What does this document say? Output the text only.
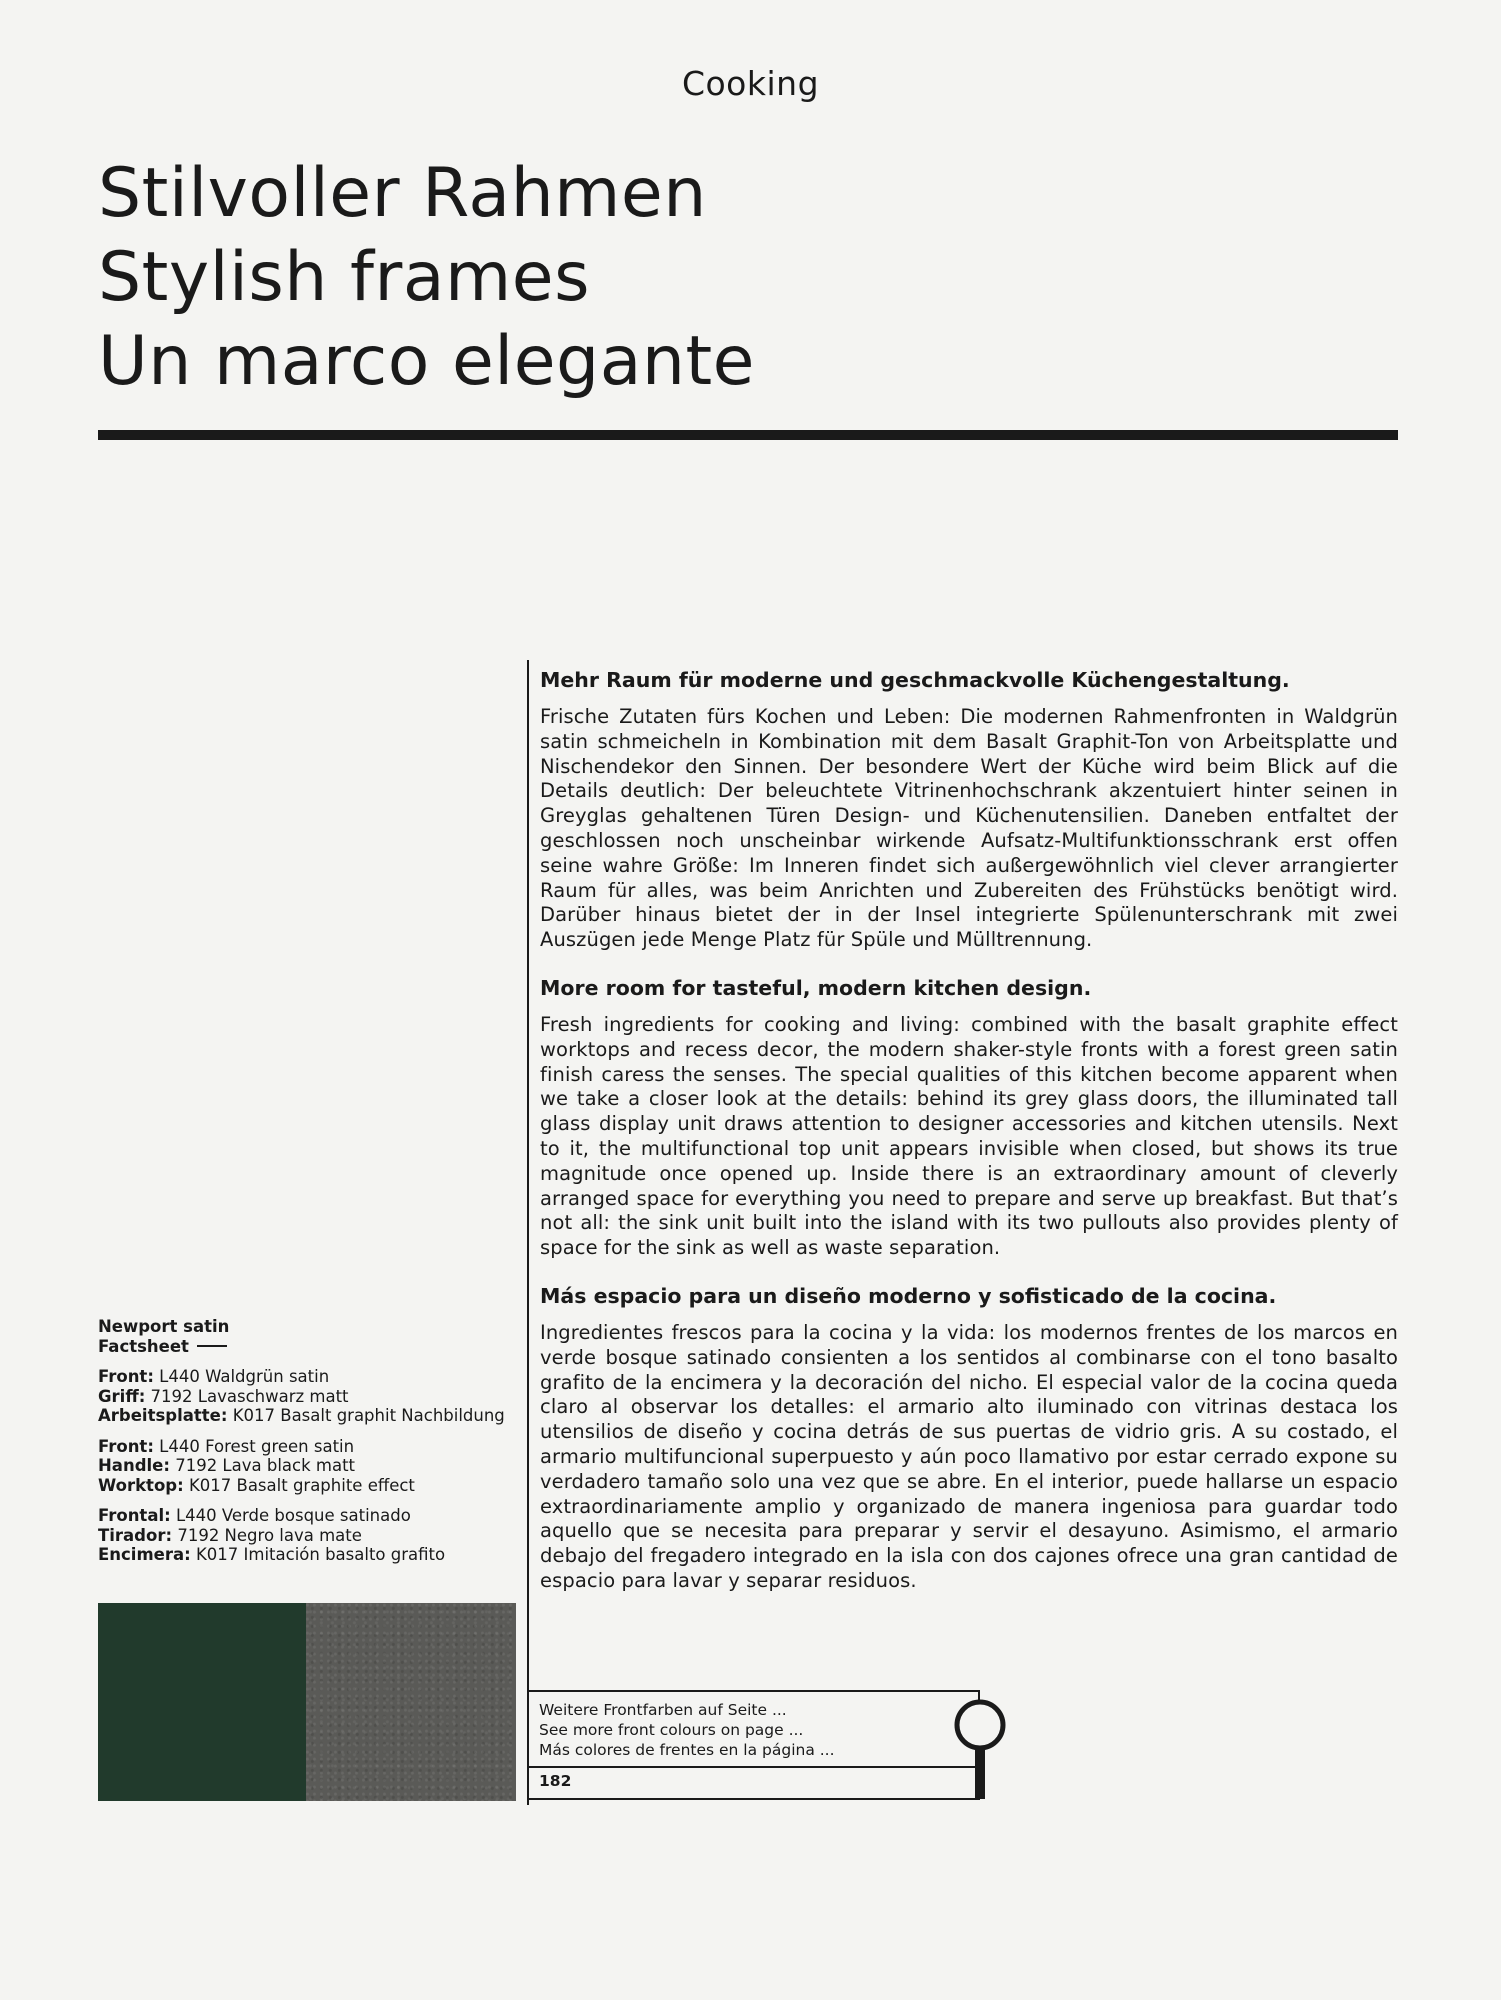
Cooking
Stilvoller Rahmen
Stylish frames
Un marco elegante
Mehr Raum für moderne und geschmackvolle Küchengestaltung.

Frische Zutaten fürs Kochen und Leben: Die modernen Rahmenfronten in Waldgrün satin schmeicheln in Kombination mit dem Basalt Graphit-Ton von Arbeitsplatte und Nischendekor den Sinnen. Der besondere Wert der Küche wird beim Blick auf die Details deutlich: Der beleuchtete Vitrinenhochschrank akzentuiert hinter seinen in Greyglas gehaltenen Türen Design- und Küchenutensilien. Daneben entfaltet der geschlossen noch unscheinbar wirkende Aufsatz-Multifunktionsschrank erst offen seine wahre Größe: Im Inneren findet sich außergewöhnlich viel clever arrangierter Raum für alles, was beim Anrichten und Zubereiten des Frühstücks benötigt wird. Darüber hinaus bietet der in der Insel integrierte Spülenunterschrank mit zwei Auszügen jede Menge Platz für Spüle und Mülltrennung.

More room for tasteful, modern kitchen design.

Fresh ingredients for cooking and living: combined with the basalt graphite effect worktops and recess decor, the modern shaker-style fronts with a forest green satin finish caress the senses. The special qualities of this kitchen become apparent when we take a closer look at the details: behind its grey glass doors, the illuminated tall glass display unit draws attention to designer accessories and kitchen utensils. Next to it, the multifunctional top unit appears invisible when closed, but shows its true magnitude once opened up. Inside there is an extraordinary amount of cleverly arranged space for everything you need to prepare and serve up breakfast. But that’s not all: the sink unit built into the island with its two pullouts also provides plenty of space for the sink as well as waste separation.

Más espacio para un diseño moderno y sofisticado de la cocina.

Ingredientes frescos para la cocina y la vida: los modernos frentes de los marcos en verde bosque satinado consienten a los sentidos al combinarse con el tono basalto grafito de la encimera y la decoración del nicho. El especial valor de la cocina queda claro al observar los detalles: el armario alto iluminado con vitrinas destaca los utensilios de diseño y cocina detrás de sus puertas de vidrio gris. A su costado, el armario multifuncional superpuesto y aún poco llamativo por estar cerrado expone su verdadero tamaño solo una vez que se abre. En el interior, puede hallarse un espacio extraordinariamente amplio y organizado de manera ingeniosa para guardar todo aquello que se necesita para preparar y servir el desayuno. Asimismo, el armario debajo del fregadero integrado en la isla con dos cajones ofrece una gran cantidad de espacio para lavar y separar residuos.

Newport satin
Factsheet
Front: L440 Waldgrün satin
Griff: 7192 Lavaschwarz matt
Arbeitsplatte: K017 Basalt graphit Nachbildung
Front: L440 Forest green satin
Handle: 7192 Lava black matt
Worktop: K017 Basalt graphite effect
Frontal: L440 Verde bosque satinado
Tirador: 7192 Negro lava mate
Encimera: K017 Imitación basalto grafito
Weitere Frontfarben auf Seite ...
See more front colours on page ...
Más colores de frentes en la página ...
182
